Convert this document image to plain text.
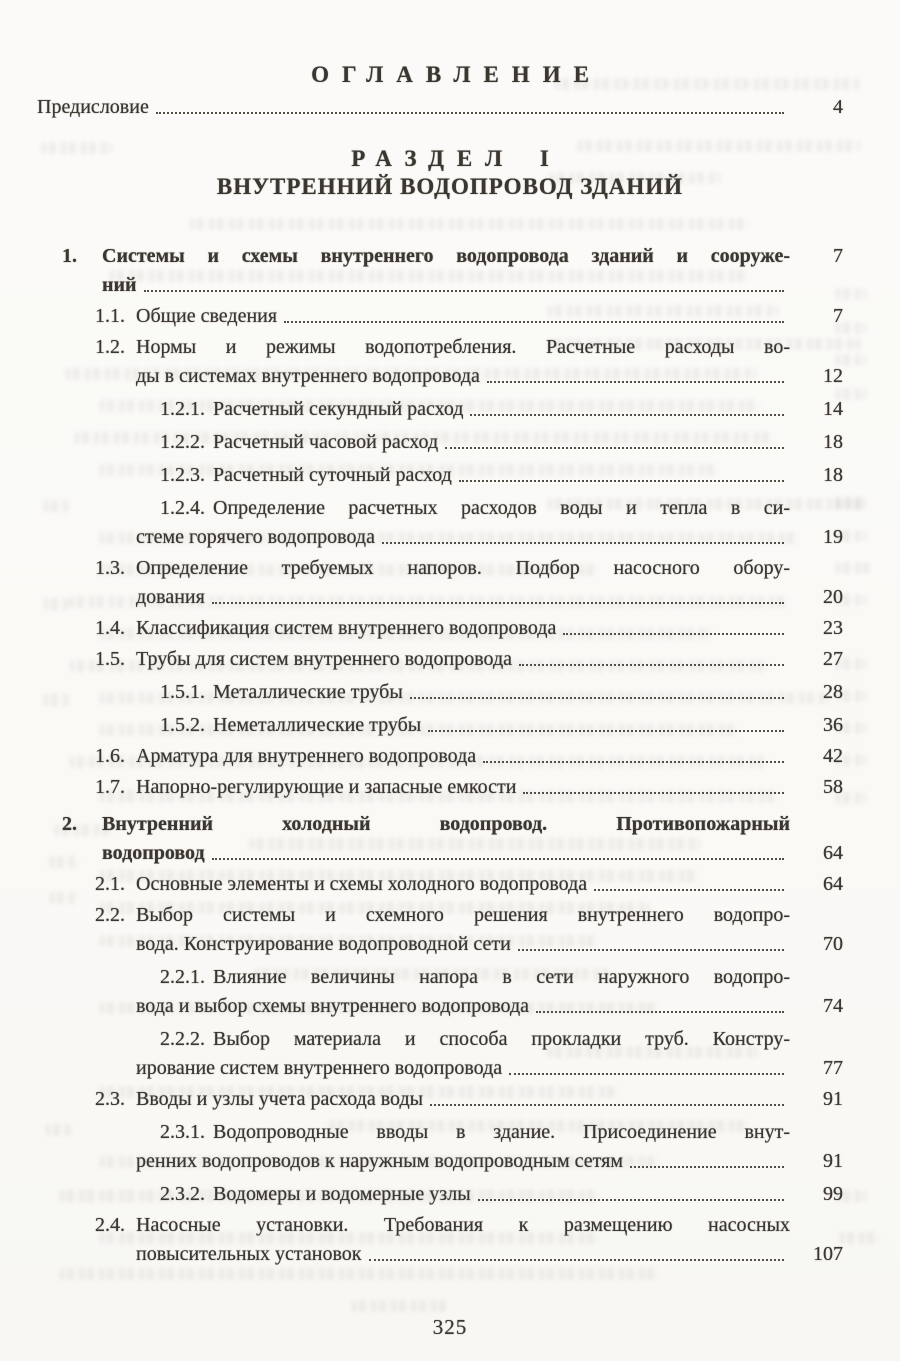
ОГЛАВЛЕНИЕ
Предисловие	4
РАЗДЕЛ I
ВНУТРЕННИЙ ВОДОПРОВОД ЗДАНИЙ
1.	Системы и схемы внутреннего водопровода зданий и сооруже-	7
ний
1.1. Общие сведения	7
1.2. Нормы и режимы водопотребления. Расчетные расходы во-
ды в системах внутреннего водопровода	12
1.2.1. Расчетный секундный расход	14
1.2.2. Расчетный часовой расход	18
1.2.3. Расчетный суточный расход	18
1.2.4. Определение расчетных расходов воды и тепла в си-
стеме горячего водопровода	19
1.3. Определение требуемых напоров. Подбор насосного обору-
дования	20
1.4. Классификация систем внутреннего водопровода	23
1.5. Трубы для систем внутреннего водопровода	27
1.5.1. Металлические трубы	28
1.5.2. Неметаллические трубы	36
1.6. Арматура для внутреннего водопровода	42
1.7. Напорно-регулирующие и запасные емкости	58
2.	Внутренний холодный водопровод. Противопожарный
водопровод	64
2.1. Основные элементы и схемы холодного водопровода	64
2.2. Выбор системы и схемного решения внутреннего водопро-
вода. Конструирование водопроводной сети	70
2.2.1. Влияние величины напора в сети наружного водопро-
вода и выбор схемы внутреннего водопровода	74
2.2.2. Выбор материала и способа прокладки труб. Констру-
ирование систем внутреннего водопровода	77
2.3. Вводы и узлы учета расхода воды	91
2.3.1. Водопроводные вводы в здание. Присоединение внут-
ренних водопроводов к наружным водопроводным сетям	91
2.3.2. Водомеры и водомерные узлы	99
2.4. Насосные установки. Требования к размещению насосных
повысительных установок	107
325
